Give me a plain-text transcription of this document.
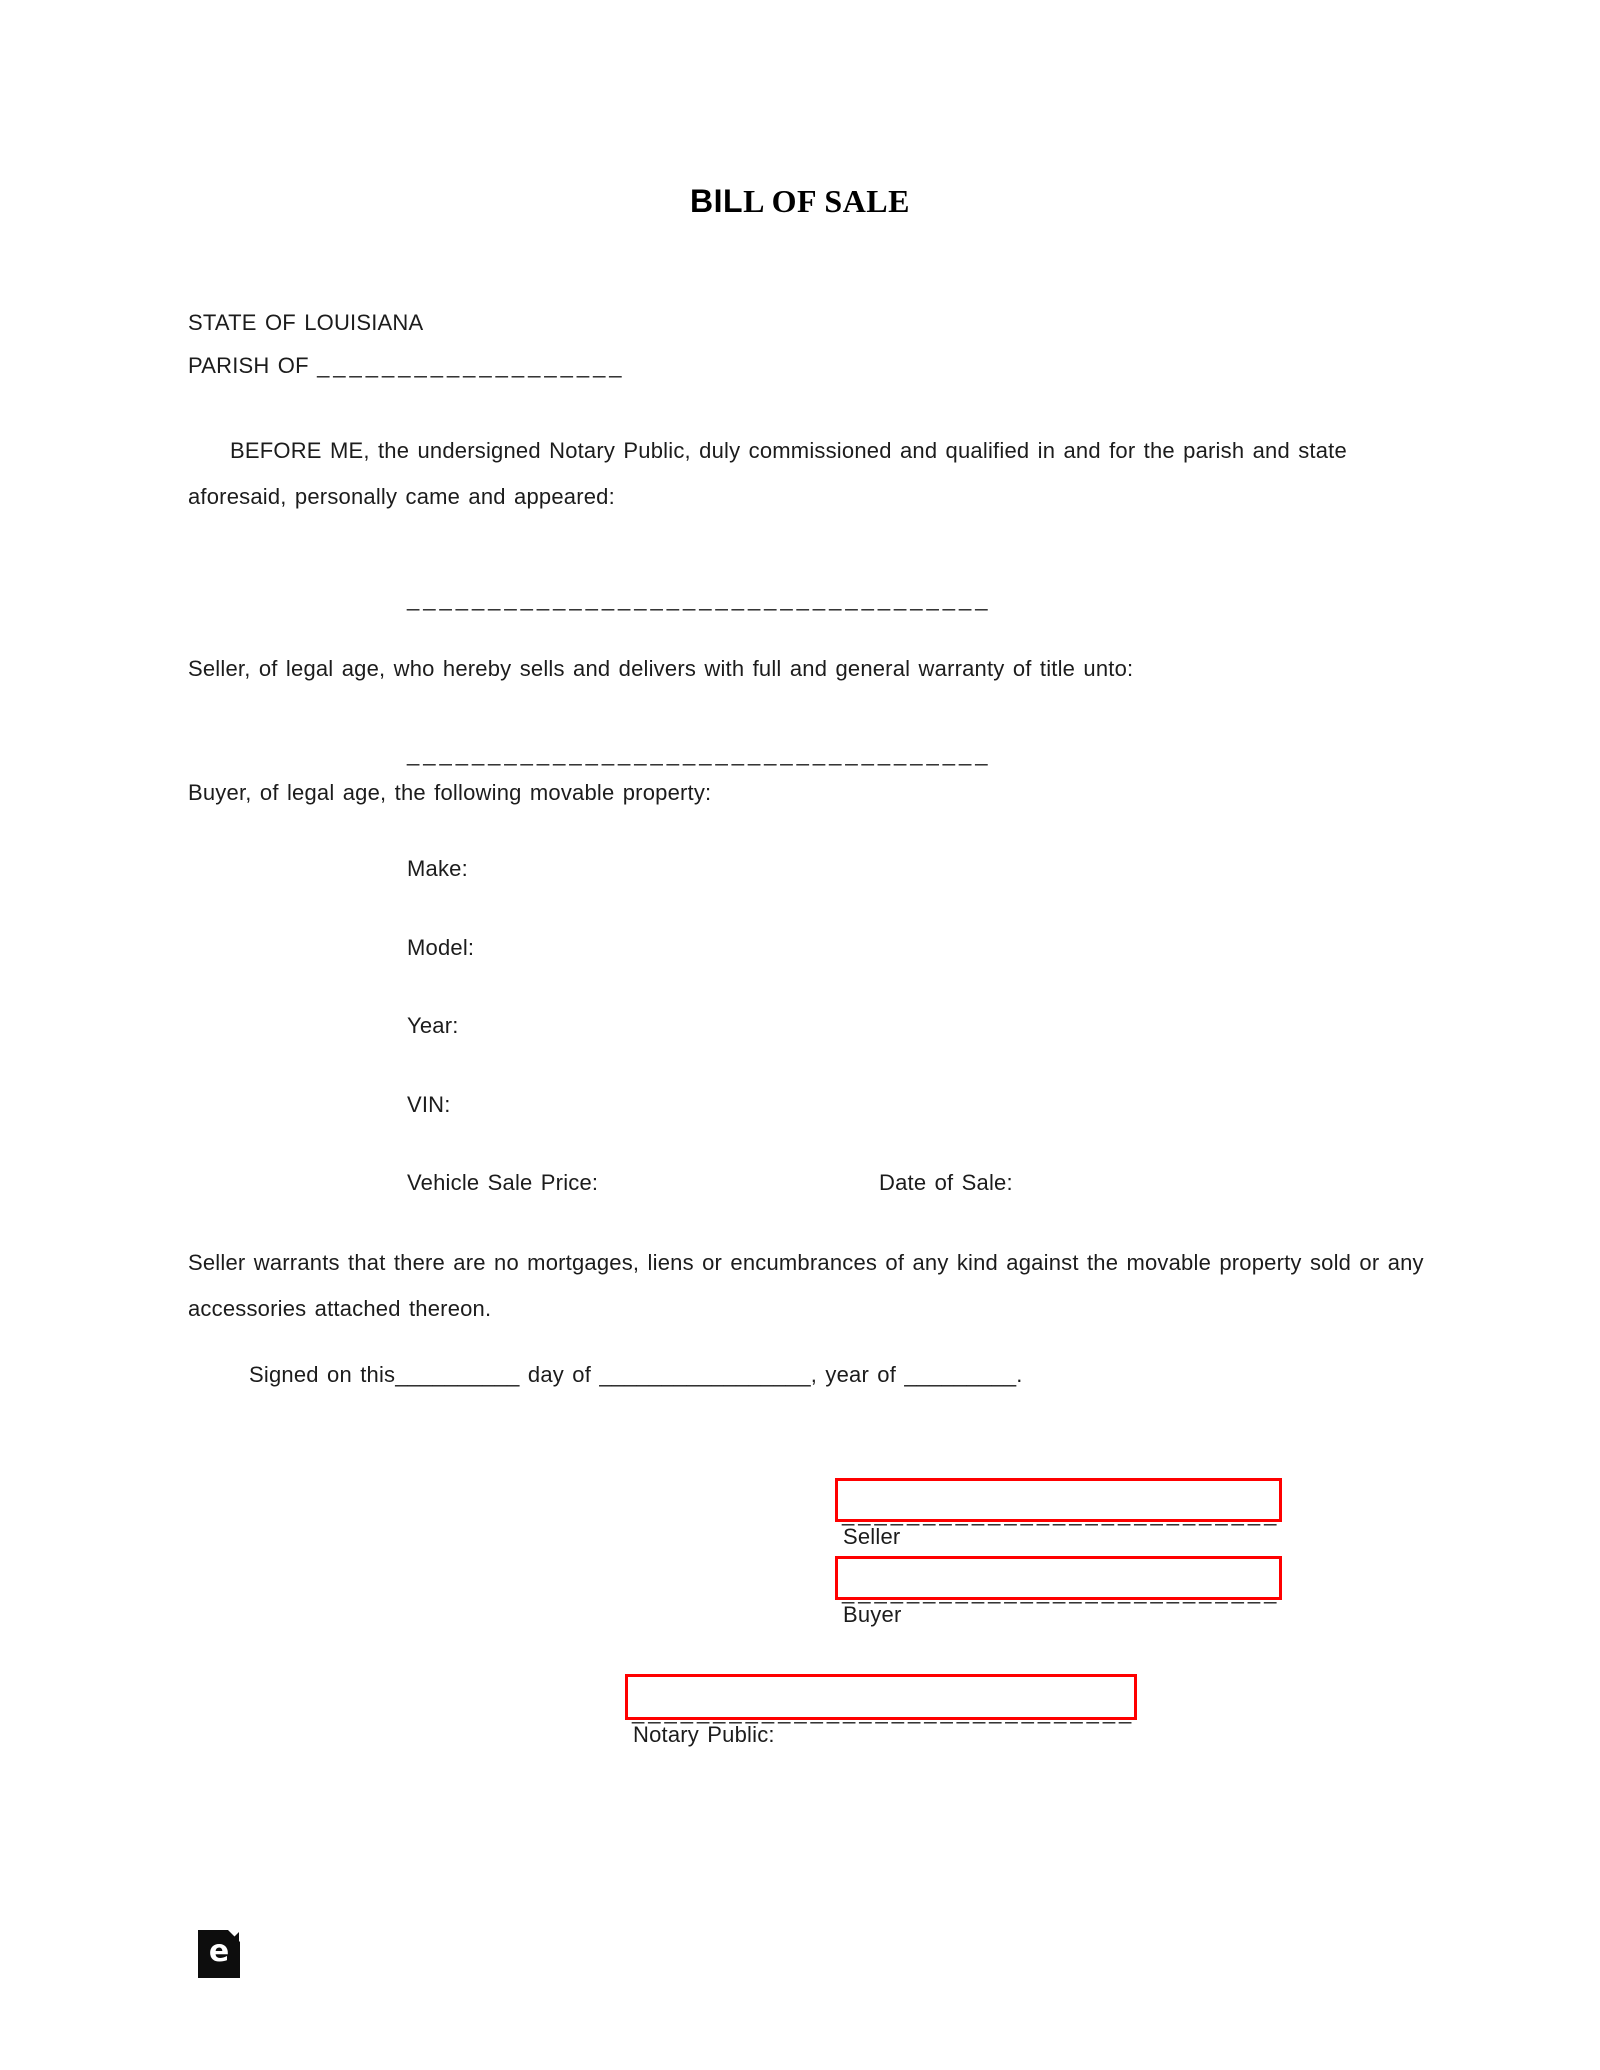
BILL OF SALE
STATE OF LOUISIANA
PARISH OF ___________________
BEFORE ME, the undersigned Notary Public, duly commissioned and qualified in and for the parish and state aforesaid, personally came and appeared:
____________________________________
Seller, of legal age, who hereby sells and delivers with full and general warranty of title unto:
____________________________________
Buyer, of legal age, the following movable property:
Make:
Model:
Year:
VIN:
Vehicle Sale Price:	Date of Sale:
Seller warrants that there are no mortgages, liens or encumbrances of any kind against the movable property sold or any accessories attached thereon.
Signed on this__________ day of _________________, year of _________.
___________________________
Seller
___________________________
Buyer
_______________________________
Notary Public:
e
